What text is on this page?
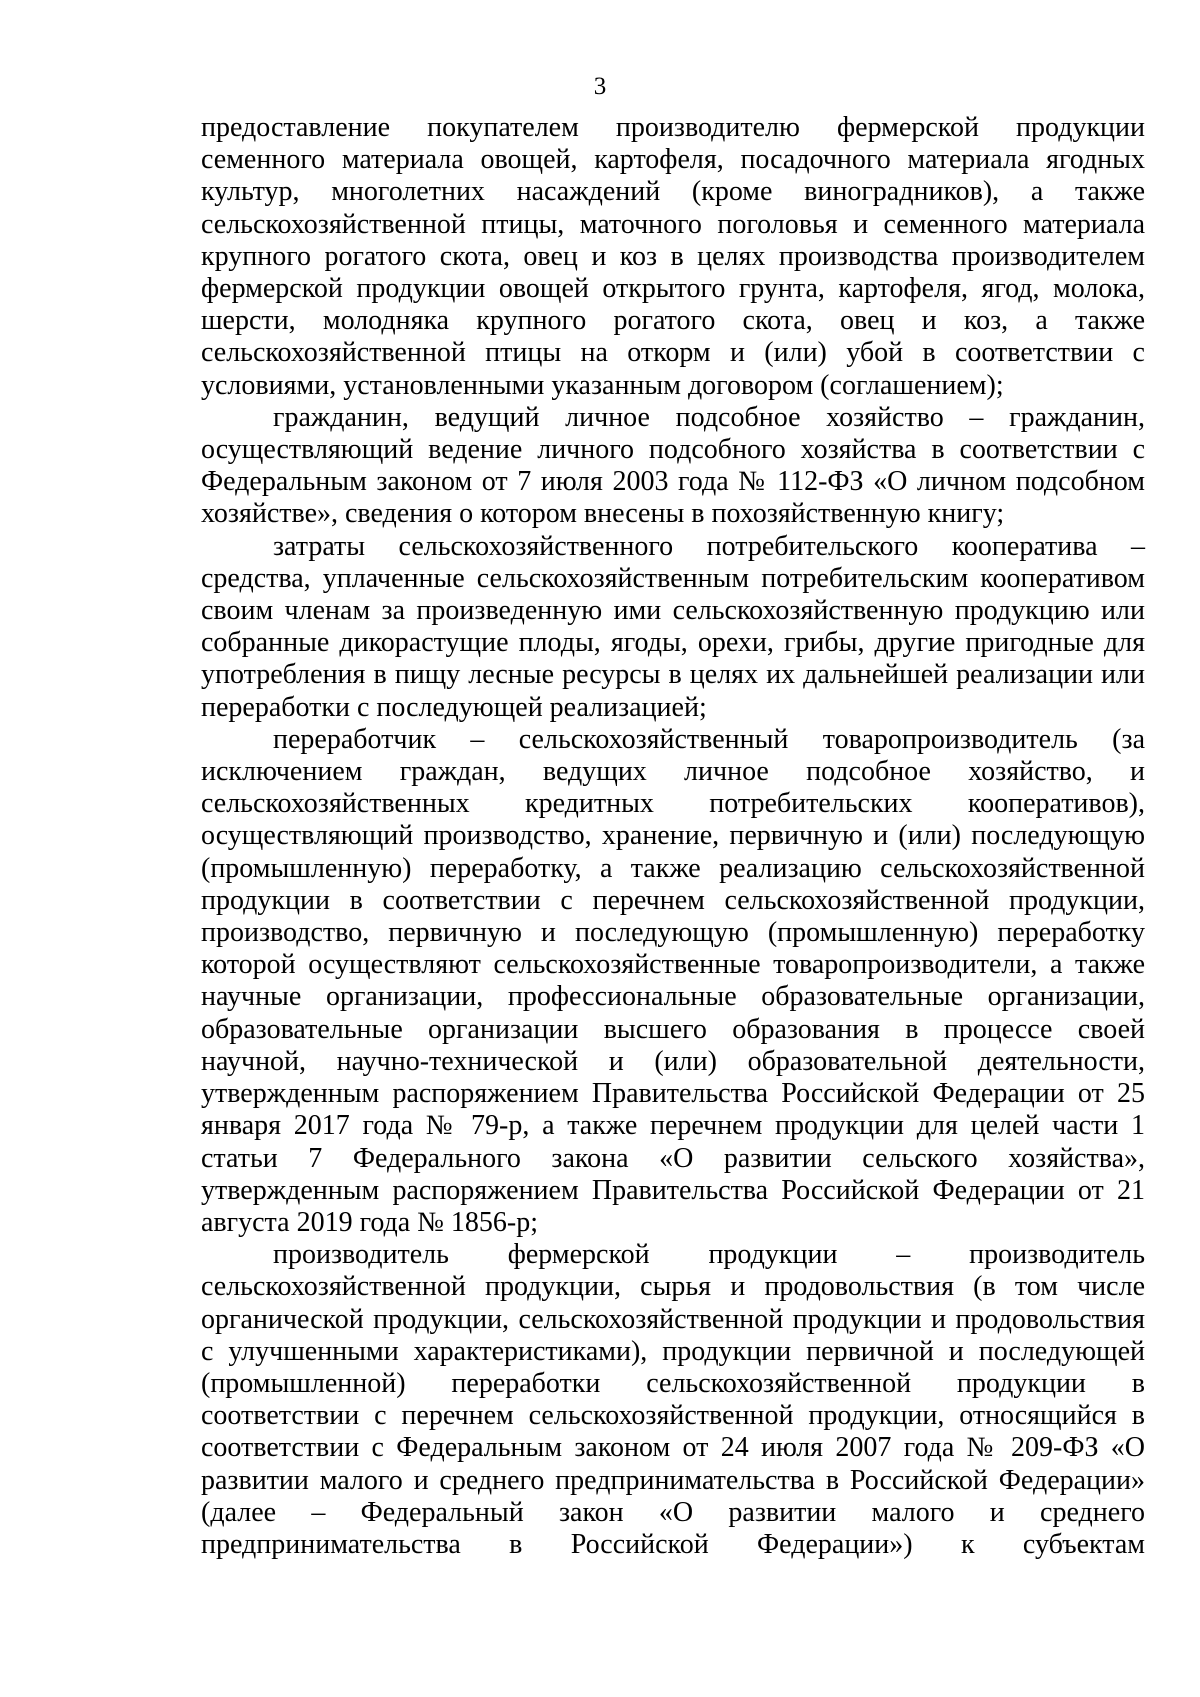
3

предоставление покупателем производителю фермерской продукции семенного материала овощей, картофеля, посадочного материала ягодных культур, многолетних насаждений (кроме виноградников), а также сельскохозяйственной птицы, маточного поголовья и семенного материала крупного рогатого скота, овец и коз в целях производства производителем фермерской продукции овощей открытого грунта, картофеля, ягод, молока, шерсти, молодняка крупного рогатого скота, овец и коз, а также сельскохозяйственной птицы на откорм и (или) убой в соответствии с условиями, установленными указанным договором (соглашением);

гражданин, ведущий личное подсобное хозяйство – гражданин, осуществляющий ведение личного подсобного хозяйства в соответствии с Федеральным законом от 7 июля 2003 года № 112-ФЗ «О личном подсобном хозяйстве», сведения о котором внесены в похозяйственную книгу;

затраты сельскохозяйственного потребительского кооператива – средства, уплаченные сельскохозяйственным потребительским кооперативом своим членам за произведенную ими сельскохозяйственную продукцию или собранные дикорастущие плоды, ягоды, орехи, грибы, другие пригодные для употребления в пищу лесные ресурсы в целях их дальнейшей реализации или переработки с последующей реализацией;

переработчик – сельскохозяйственный товаропроизводитель (за исключением граждан, ведущих личное подсобное хозяйство, и сельскохозяйственных кредитных потребительских кооперативов), осуществляющий производство, хранение, первичную и (или) последующую (промышленную) переработку, а также реализацию сельскохозяйственной продукции в соответствии с перечнем сельскохозяйственной продукции, производство, первичную и последующую (промышленную) переработку которой осуществляют сельскохозяйственные товаропроизводители, а также научные организации, профессиональные образовательные организации, образовательные организации высшего образования в процессе своей научной, научно-технической и (или) образовательной деятельности, утвержденным распоряжением Правительства Российской Федерации от 25 января 2017 года № 79-р, а также перечнем продукции для целей части 1 статьи 7 Федерального закона «О развитии сельского хозяйства», утвержденным распоряжением Правительства Российской Федерации от 21 августа 2019 года № 1856-р;

производитель фермерской продукции – производитель сельскохозяйственной продукции, сырья и продовольствия (в том числе органической продукции, сельскохозяйственной продукции и продовольствия с улучшенными характеристиками), продукции первичной и последующей (промышленной) переработки сельскохозяйственной продукции в соответствии с перечнем сельскохозяйственной продукции, относящийся в соответствии с Федеральным законом от 24 июля 2007 года № 209-ФЗ «О развитии малого и среднего предпринимательства в Российской Федерации» (далее – Федеральный закон «О развитии малого и среднего предпринимательства в Российской Федерации») к субъектам
